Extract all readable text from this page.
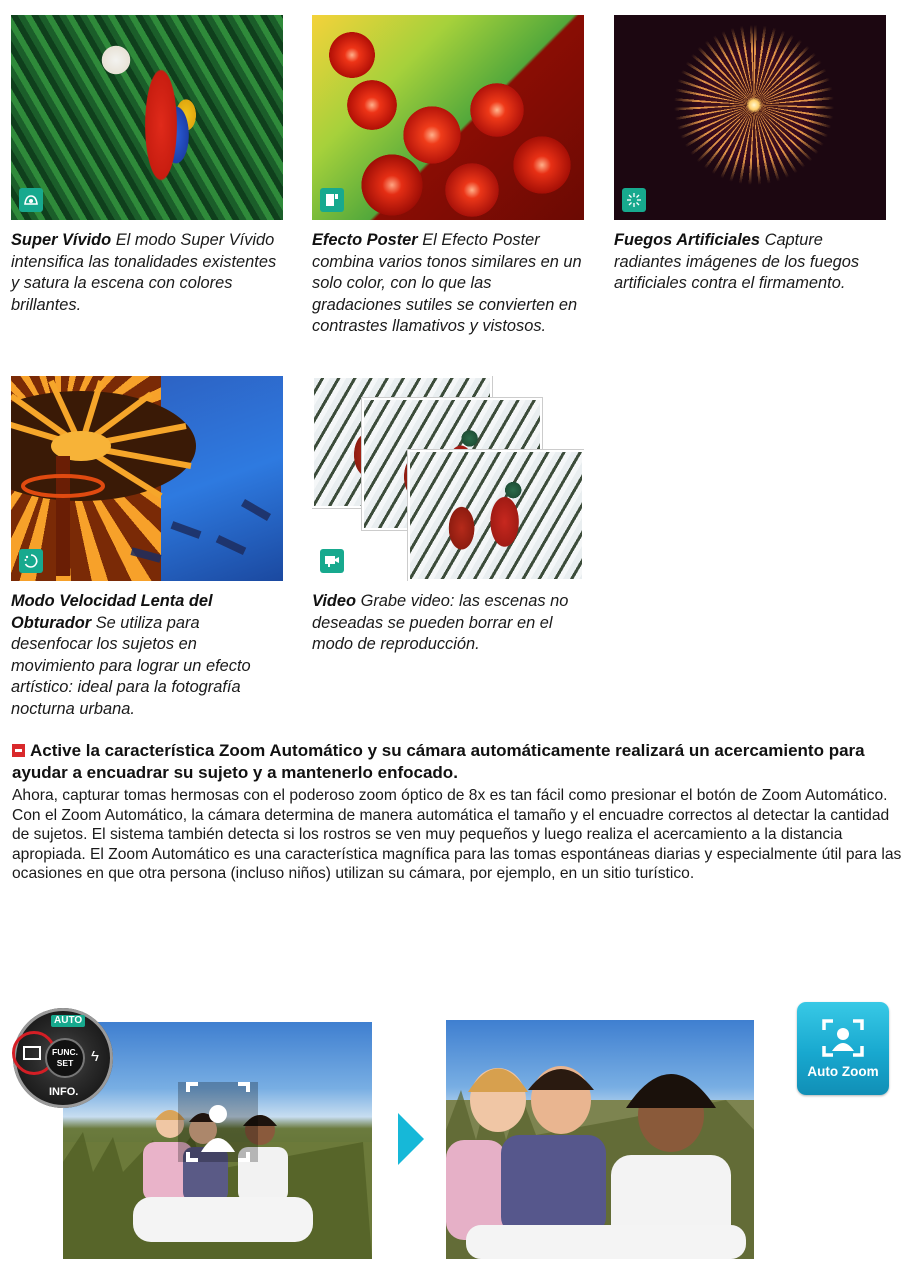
Super Vívido El modo Super Vívido intensifica las tonalidades existentes y satura la escena con colores brillantes.
Efecto Poster El Efecto Poster combina varios tonos similares en un solo color, con lo que las gradaciones sutiles se convierten en contrastes llamativos y vistosos.
Fuegos Artificiales Capture radiantes imágenes de los fuegos artificiales contra el firmamento.
Modo Velocidad Lenta del Obturador Se utiliza para desenfocar los sujetos en movimiento para lograr un efecto artístico: ideal para la fotografía nocturna urbana.
Video Grabe video: las escenas no deseadas se pueden borrar en el modo de reproducción.
Active la característica Zoom Automático y su cámara automáticamente realizará un acercamiento para ayudar a encuadrar su sujeto y a mantenerlo enfocado.

Ahora, capturar tomas hermosas con el poderoso zoom óptico de 8x es tan fácil como presionar el botón de Zoom Automático. Con el Zoom Automático, la cámara determina de manera automática el tamaño y el encuadre correctos al detectar la cantidad de sujetos. El sistema también detecta si los rostros se ven muy pequeños y luego realiza el acercamiento a la distancia apropiada. El Zoom Automático es una característica magnífica para las tomas espontáneas diarias y especialmente útil para las ocasiones en que otra persona (incluso niños) utilizan su cámara, por ejemplo, en un sitio turístico.

AUTO
FUNC.
SET	ϟ
INFO.
Auto Zoom
